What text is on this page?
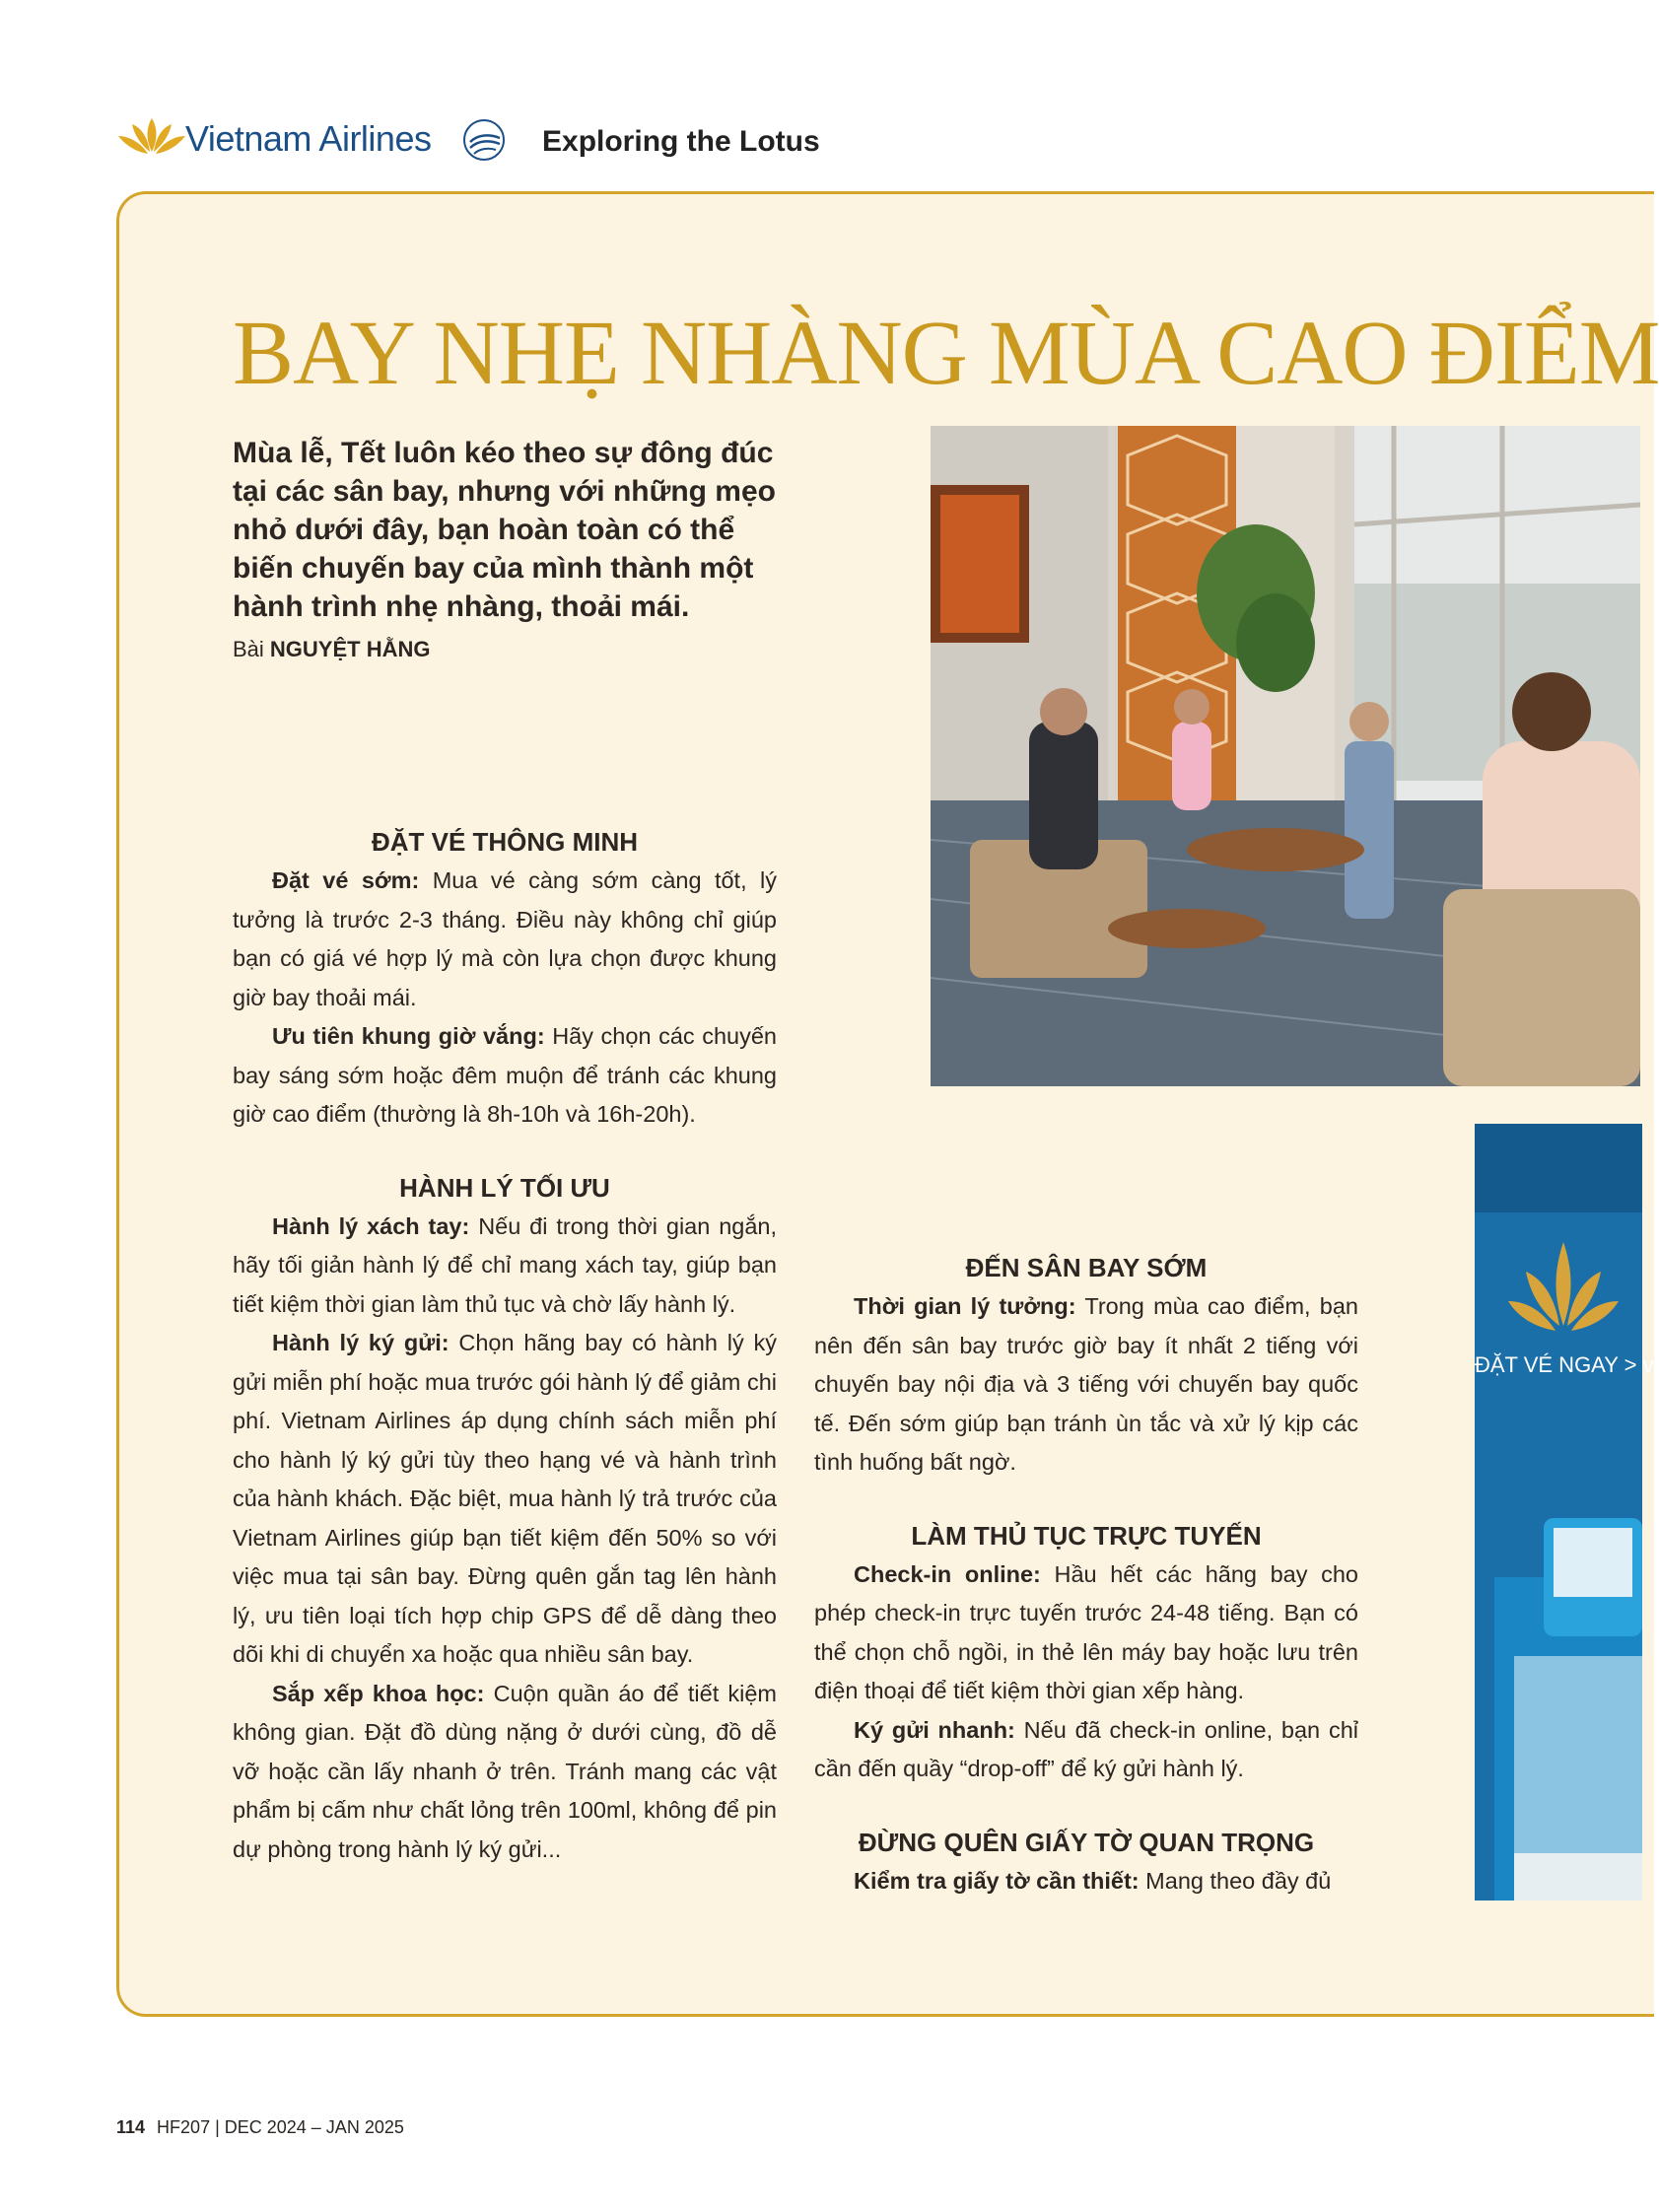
Vietnam Airlines	Exploring the Lotus
BAY NHẸ NHÀNG MÙA CAO ĐIỂM
Mùa lễ, Tết luôn kéo theo sự đông đúc tại các sân bay, nhưng với những mẹo nhỏ dưới đây, bạn hoàn toàn có thể biến chuyến bay của mình thành một hành trình nhẹ nhàng, thoải mái.
Bài NGUYỆT HẰNG
ĐẶT VÉ NGAY > vi
ĐẶT VÉ THÔNG MINH

Đặt vé sớm: Mua vé càng sớm càng tốt, lý tưởng là trước 2-3 tháng. Điều này không chỉ giúp bạn có giá vé hợp lý mà còn lựa chọn được khung giờ bay thoải mái.

Ưu tiên khung giờ vắng: Hãy chọn các chuyến bay sáng sớm hoặc đêm muộn để tránh các khung giờ cao điểm (thường là 8h-10h và 16h-20h).

HÀNH LÝ TỐI ƯU

Hành lý xách tay: Nếu đi trong thời gian ngắn, hãy tối giản hành lý để chỉ mang xách tay, giúp bạn tiết kiệm thời gian làm thủ tục và chờ lấy hành lý.

Hành lý ký gửi: Chọn hãng bay có hành lý ký gửi miễn phí hoặc mua trước gói hành lý để giảm chi phí. Vietnam Airlines áp dụng chính sách miễn phí cho hành lý ký gửi tùy theo hạng vé và hành trình của hành khách. Đặc biệt, mua hành lý trả trước của Vietnam Airlines giúp bạn tiết kiệm đến 50% so với việc mua tại sân bay. Đừng quên gắn tag lên hành lý, ưu tiên loại tích hợp chip GPS để dễ dàng theo dõi khi di chuyển xa hoặc qua nhiều sân bay.

Sắp xếp khoa học: Cuộn quần áo để tiết kiệm không gian. Đặt đồ dùng nặng ở dưới cùng, đồ dễ vỡ hoặc cần lấy nhanh ở trên. Tránh mang các vật phẩm bị cấm như chất lỏng trên 100ml, không để pin dự phòng trong hành lý ký gửi...

ĐẾN SÂN BAY SỚM

Thời gian lý tưởng: Trong mùa cao điểm, bạn nên đến sân bay trước giờ bay ít nhất 2 tiếng với chuyến bay nội địa và 3 tiếng với chuyến bay quốc tế. Đến sớm giúp bạn tránh ùn tắc và xử lý kịp các tình huống bất ngờ.

LÀM THỦ TỤC TRỰC TUYẾN

Check-in online: Hầu hết các hãng bay cho phép check-in trực tuyến trước 24-48 tiếng. Bạn có thể chọn chỗ ngồi, in thẻ lên máy bay hoặc lưu trên điện thoại để tiết kiệm thời gian xếp hàng.

Ký gửi nhanh: Nếu đã check-in online, bạn chỉ cần đến quầy “drop-off” để ký gửi hành lý.

ĐỪNG QUÊN GIẤY TỜ QUAN TRỌNG

Kiểm tra giấy tờ cần thiết: Mang theo đầy đủ

114 HF207 | DEC 2024 – JAN 2025
